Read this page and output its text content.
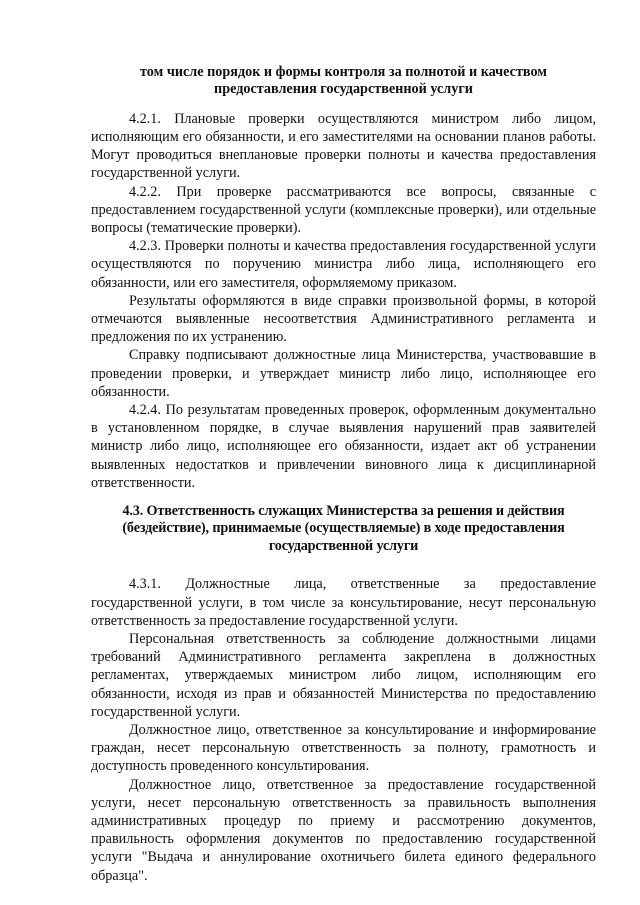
том числе порядок и формы контроля за полнотой и качеством предоставления государственной услуги

4.2.1. Плановые проверки осуществляются министром либо лицом, исполняющим его обязанности, и его заместителями на основании планов работы. Могут проводиться внеплановые проверки полноты и качества предоставления государственной услуги.

4.2.2. При проверке рассматриваются все вопросы, связанные с предоставлением государственной услуги (комплексные проверки), или отдельные вопросы (тематические проверки).

4.2.3. Проверки полноты и качества предоставления государственной услуги осуществляются по поручению министра либо лица, исполняющего его обязанности, или его заместителя, оформляемому приказом.

Результаты оформляются в виде справки произвольной формы, в которой отмечаются выявленные несоответствия Административного регламента и предложения по их устранению.

Справку подписывают должностные лица Министерства, участвовавшие в проведении проверки, и утверждает министр либо лицо, исполняющее его обязанности.

4.2.4. По результатам проведенных проверок, оформленным документально в установленном порядке, в случае выявления нарушений прав заявителей министр либо лицо, исполняющее его обязанности, издает акт об устранении выявленных недостатков и привлечении виновного лица к дисциплинарной ответственности.

4.3. Ответственность служащих Министерства за решения и действия (бездействие), принимаемые (осуществляемые) в ходе предоставления государственной услуги

4.3.1. Должностные лица, ответственные за предоставление государственной услуги, в том числе за консультирование, несут персональную ответственность за предоставление государственной услуги.

Персональная ответственность за соблюдение должностными лицами требований Административного регламента закреплена в должностных регламентах, утверждаемых министром либо лицом, исполняющим его обязанности, исходя из прав и обязанностей Министерства по предоставлению государственной услуги.

Должностное лицо, ответственное за консультирование и информирование граждан, несет персональную ответственность за полноту, грамотность и доступность проведенного консультирования.

Должностное лицо, ответственное за предоставление государственной услуги, несет персональную ответственность за правильность выполнения административных процедур по приему и рассмотрению документов, правильность оформления документов по предоставлению государственной услуги "Выдача и аннулирование охотничьего билета единого федерального образца".
